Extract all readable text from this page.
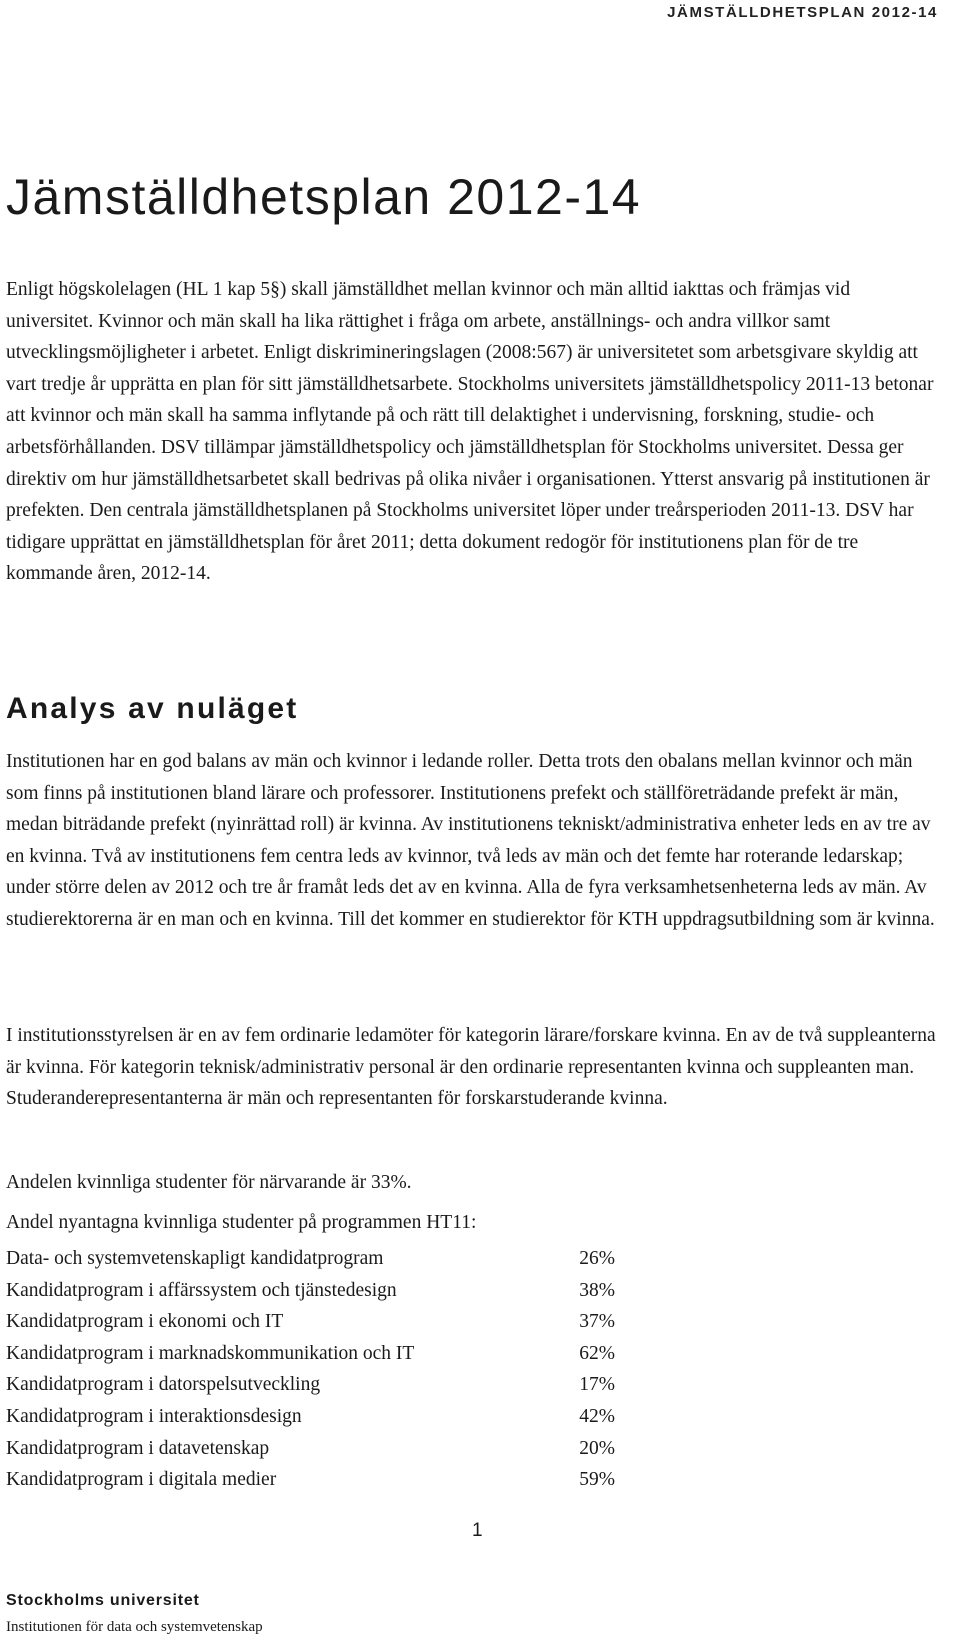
JÄMSTÄLLDHETSPLAN 2012-14
Jämställdhetsplan 2012-14

Enligt högskolelagen (HL 1 kap 5§) skall jämställdhet mellan kvinnor och män alltid iakttas och främjas vid universitet. Kvinnor och män skall ha lika rättighet i fråga om arbete, anställnings- och andra villkor samt utvecklingsmöjligheter i arbetet. Enligt diskrimineringslagen (2008:567) är universitetet som arbetsgivare skyldig att vart tredje år upprätta en plan för sitt jämställdhetsarbete. Stockholms universitets jämställdhetspolicy 2011-13 betonar att kvinnor och män skall ha samma inflytande på och rätt till delaktighet i undervisning, forskning, studie- och arbetsförhållanden. DSV tillämpar jämställdhetspolicy och jämställdhetsplan för Stockholms universitet. Dessa ger direktiv om hur jämställdhetsarbetet skall bedrivas på olika nivåer i organisationen. Ytterst ansvarig på institutionen är prefekten. Den centrala jämställdhetsplanen på Stockholms universitet löper under treårsperioden 2011-13. DSV har tidigare upprättat en jämställdhetsplan för året 2011; detta dokument redogör för institutionens plan för de tre kommande åren, 2012-14.

Analys av nuläget

Institutionen har en god balans av män och kvinnor i ledande roller. Detta trots den obalans mellan kvinnor och män som finns på institutionen bland lärare och professorer. Institutionens prefekt och ställföreträdande prefekt är män, medan biträdande prefekt (nyinrättad roll) är kvinna. Av institutionens tekniskt/administrativa enheter leds en av tre av en kvinna. Två av institutionens fem centra leds av kvinnor, två leds av män och det femte har roterande ledarskap; under större delen av 2012 och tre år framåt leds det av en kvinna. Alla de fyra verksamhetsenheterna leds av män. Av studierektorerna är en man och en kvinna. Till det kommer en studierektor för KTH uppdragsutbildning som är kvinna.

I institutionsstyrelsen är en av fem ordinarie ledamöter för kategorin lärare/forskare kvinna. En av de två suppleanterna är kvinna. För kategorin teknisk/administrativ personal är den ordinarie representanten kvinna och suppleanten man. Studeranderepresentanterna är män och representanten för forskarstuderande kvinna.

Andelen kvinnliga studenter för närvarande är 33%.

Andel nyantagna kvinnliga studenter på programmen HT11:

Data- och systemvetenskapligt kandidatprogram	26%
Kandidatprogram i affärssystem och tjänstedesign	38%
Kandidatprogram i ekonomi och IT	37%
Kandidatprogram i marknadskommunikation och IT	62%
Kandidatprogram i datorspelsutveckling	17%
Kandidatprogram i interaktionsdesign	42%
Kandidatprogram i datavetenskap	20%
Kandidatprogram i digitala medier	59%
1
Stockholms universitet
Institutionen för data och systemvetenskap
